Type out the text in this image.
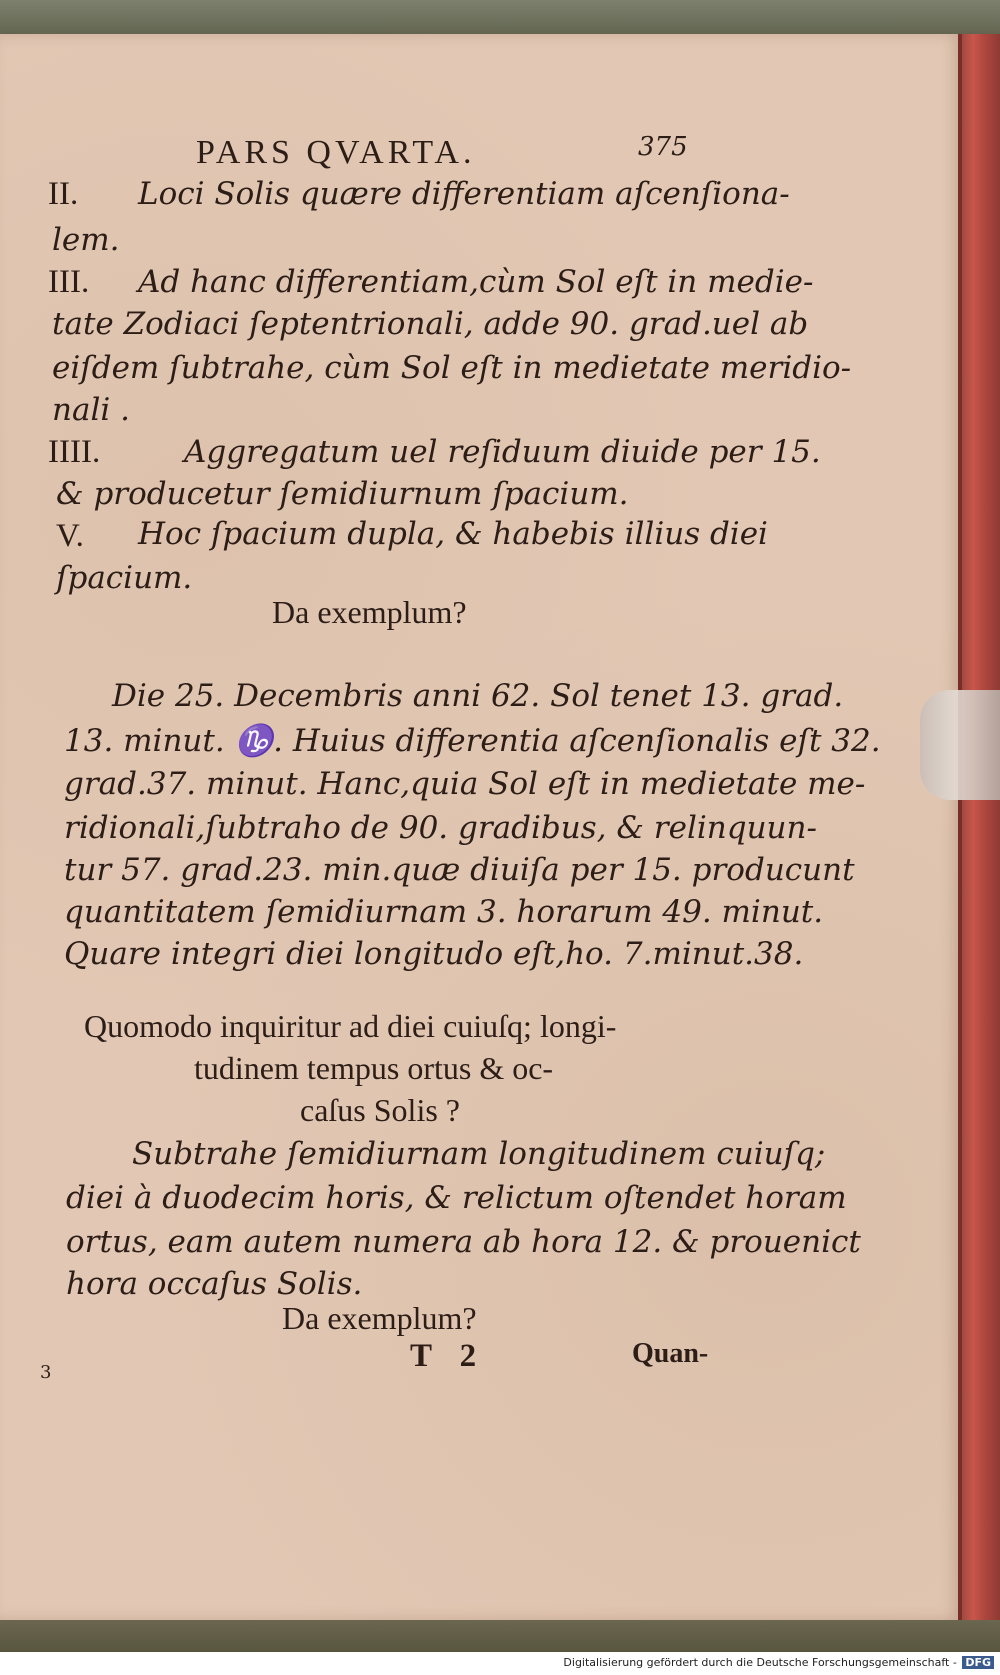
PARS QVARTA.	375
II. Loci Solis quære differentiam aſcenſiona-
lem.
III. Ad hanc differentiam,cùm Sol eſt in medie-
tate Zodiaci ſeptentrionali, adde 90. grad.uel ab
eiſdem ſubtrahe, cùm Sol eſt in medietate meridio-
nali .
IIII.	Aggregatum uel reſiduum diuide per 15.
& producetur ſemidiurnum ſpacium.
V. Hoc ſpacium dupla, & habebis illius diei
ſpacium.
Da exemplum?
Die 25. Decembris anni 62. Sol tenet 13. grad.
13. minut. ♑. Huius differentia aſcenſionalis eſt 32.
grad.37. minut. Hanc,quia Sol eſt in medietate me-
ridionali,ſubtraho de 90. gradibus, & relinquun-
tur 57. grad.23. min.quæ diuiſa per 15. producunt
quantitatem ſemidiurnam 3. horarum 49. minut.
Quare integri diei longitudo eſt,ho. 7.minut.38.
Quomodo inquiritur ad diei cuiuſq; longi-
tudinem tempus ortus & oc-
caſus Solis ?
Subtrahe ſemidiurnam longitudinem cuiuſq;
diei à duodecim horis, & relictum oſtendet horam
ortus, eam autem numera ab hora 12. & prouenict
hora occaſus Solis.
Da exemplum?
T 2	Quan-
3
Digitalisierung gefördert durch die Deutsche Forschungsgemeinschaft - DFG
